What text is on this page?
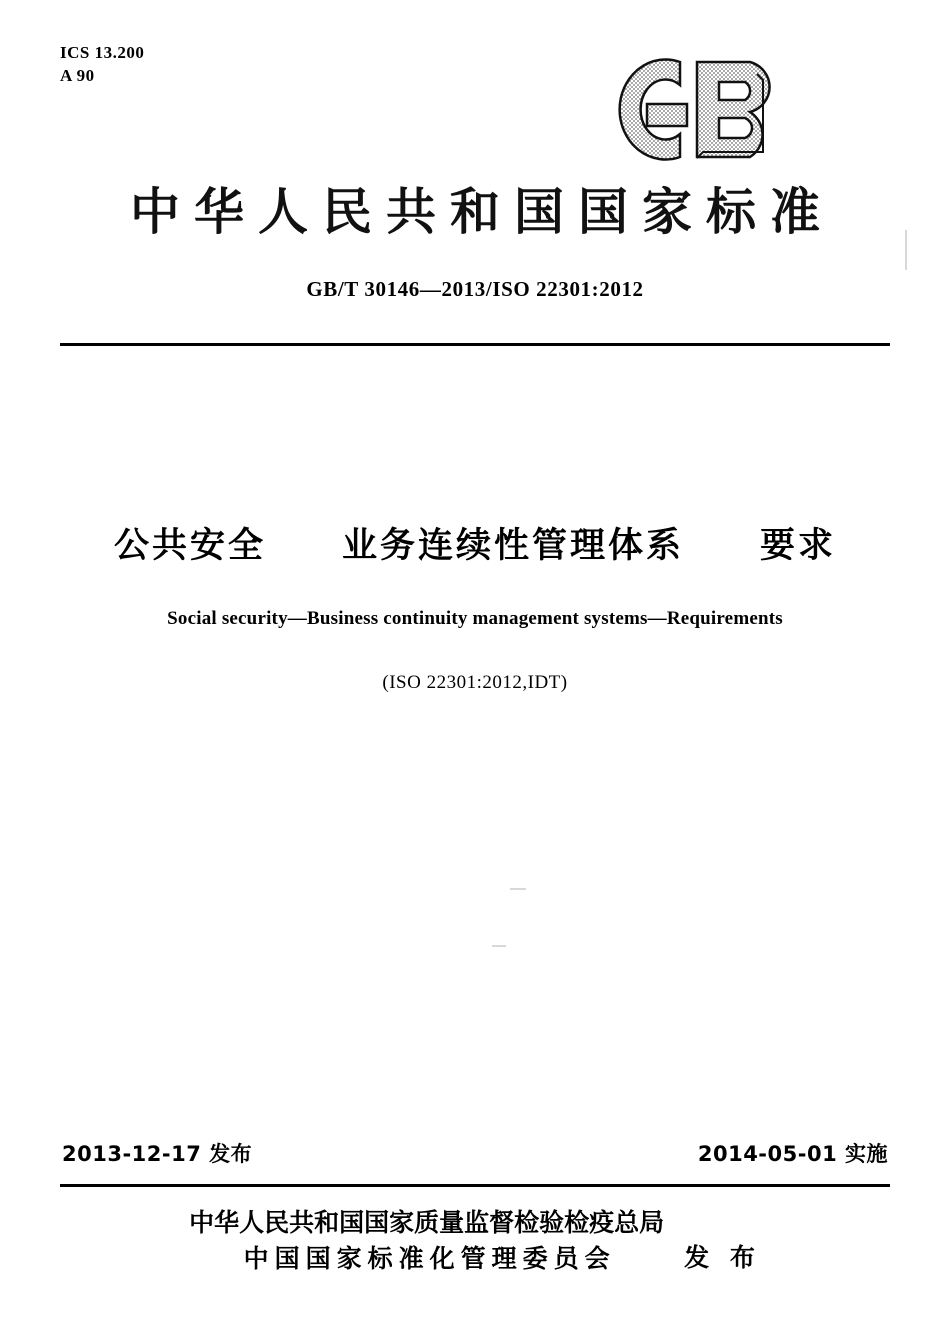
ICS 13.200
A 90
中华人民共和国国家标准
GB/T 30146—2013/ISO 22301:2012
公共安全　　业务连续性管理体系　　要求
Social security—Business continuity management systems—Requirements
(ISO 22301:2012,IDT)
2013-12-17 发布	2014-05-01 实施
中华人民共和国国家质量监督检验检疫总局
中国国家标准化管理委员会	发 布
